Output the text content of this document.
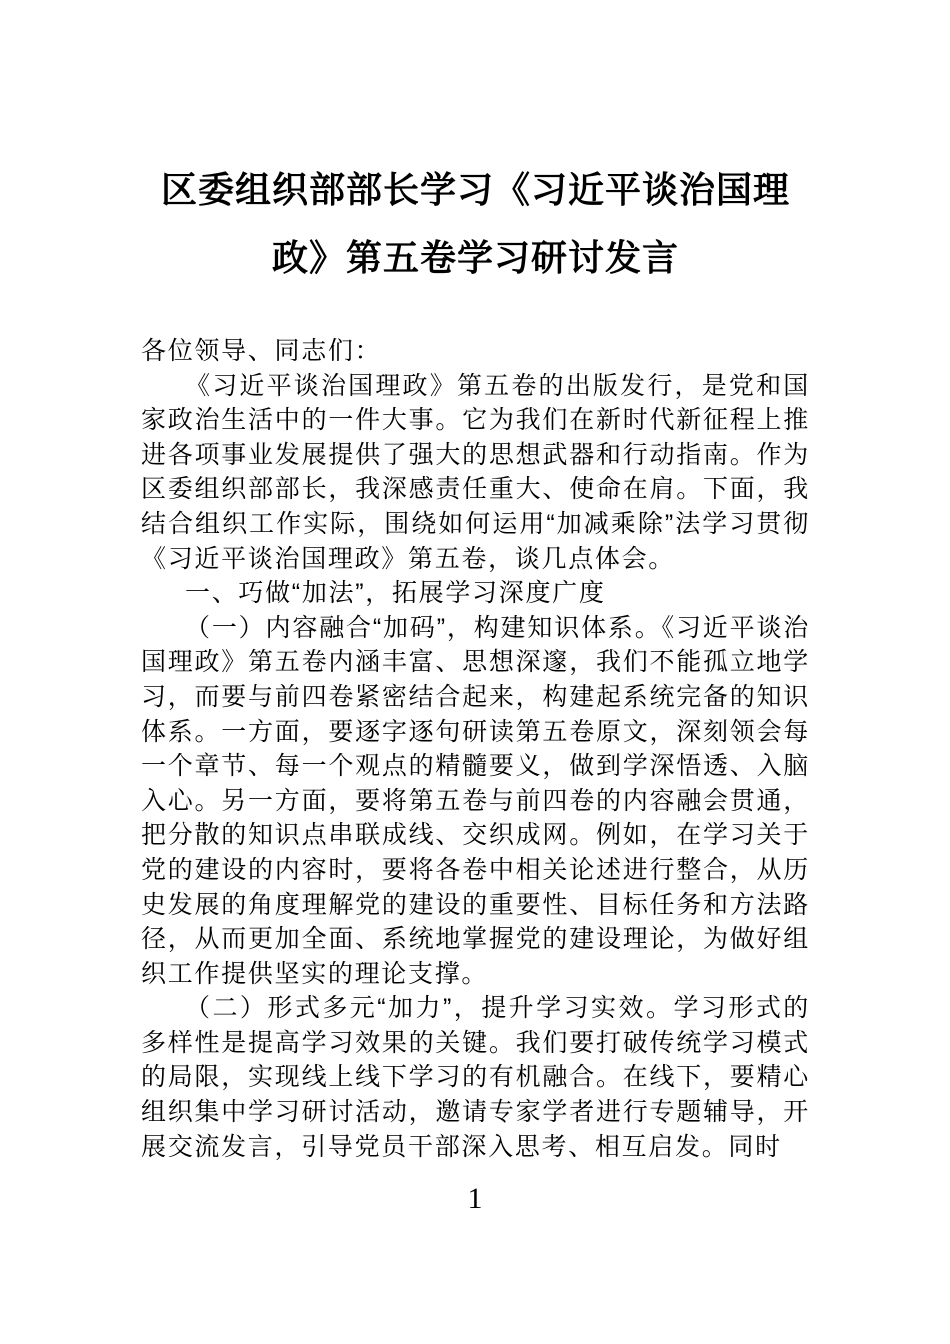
区委组织部部长学习《习近平谈治国理
政》第五卷学习研讨发言

各位领导、同志们：

《习近平谈治国理政》第五卷的出版发行，是党和国家政治生活中的一件大事。它为我们在新时代新征程上推进各项事业发展提供了强大的思想武器和行动指南。作为区委组织部部长，我深感责任重大、使命在肩。下面，我结合组织工作实际，围绕如何运用“加减乘除”法学习贯彻《习近平谈治国理政》第五卷，谈几点体会。

一、巧做“加法”，拓展学习深度广度

（一）内容融合“加码”，构建知识体系。《习近平谈治国理政》第五卷内涵丰富、思想深邃，我们不能孤立地学习，而要与前四卷紧密结合起来，构建起系统完备的知识体系。一方面，要逐字逐句研读第五卷原文，深刻领会每一个章节、每一个观点的精髓要义，做到学深悟透、入脑入心。另一方面，要将第五卷与前四卷的内容融会贯通，把分散的知识点串联成线、交织成网。例如，在学习关于党的建设的内容时，要将各卷中相关论述进行整合，从历史发展的角度理解党的建设的重要性、目标任务和方法路径，从而更加全面、系统地掌握党的建设理论，为做好组织工作提供坚实的理论支撑。

（二）形式多元“加力”，提升学习实效。学习形式的多样性是提高学习效果的关键。我们要打破传统学习模式的局限，实现线上线下学习的有机融合。在线下，要精心组织集中学习研讨活动，邀请专家学者进行专题辅导，开展交流发言，引导党员干部深入思考、相互启发。同时

1
